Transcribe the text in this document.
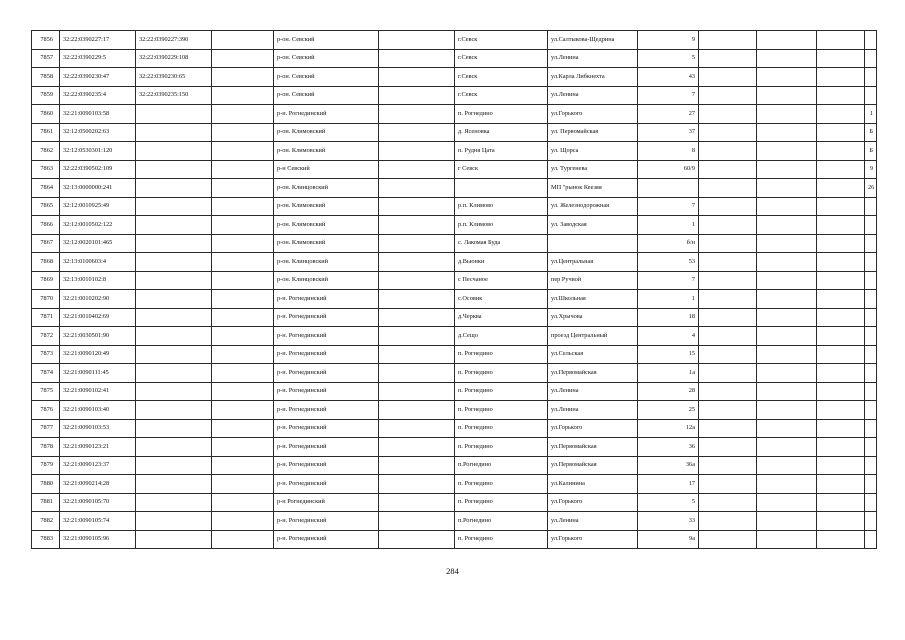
7856	32:22:0390227:17	32:22:0390227:390		р-он. Севский		г.Севск	ул.Салтыкова-Щедрина	9				
7857	32:22:0390229:5	32:22:0390229:108		р-он. Севский		г.Севск	ул.Ленина	5				
7858	32:22:0390230:47	32:22:0390230:65		р-он. Севский		г.Севск	ул.Карла Либкнехта	43				
7859	32:22:0390235:4	32:22:0390235:150		р-он. Севский		г.Севск	ул.Ленина	7				
7860	32:21:0090103:58			р-н. Рогнединский		п. Рогнедино	ул.Горького	27				1
7861	32:12:0500202:63			р-он. Климовский		д. Ясеновка	ул. Первомайская	37				Б
7862	32:12:0530301:120			р-он. Климовский		п. Рудня Цата	ул. Щорса	8				Б
7863	32:22:0390502:109			р-н Севский		г Севск	ул. Тургенева	60/9				9
7864	32:13:0000000:241			р-он. Клинцовский			МП "рынок Кеезяя					26
7865	32:12:0010925:49			р-он. Климовский		р.п. Климово	ул. Железнодорожная	7				
7866	32:12:0010502:122			р-он. Климовский		р.п. Климово	ул. Заводская	1				
7867	32:12:0020101:465			р-он. Климовский		с. Лакомая Буда		б/н				
7868	32:13:0100603:4			р-он. Клинцовский		д.Вьюнки	ул.Центральная	53				
7869	32:13:0010102:8			р-он. Клинцовский		с Песчаное	пер Ручвой	7				
7870	32:21:0010202:90			р-н. Рогнединский		с.Осовик	ул.Школьная	1				
7871	32:21:0010402:69			р-н. Рогнединский		д.Черква	ул.Хрычова	18				
7872	32:21:0030501:90			р-н. Рогнединский		д.Сещо	проезд Центральный	4				
7873	32:21:0090120:49			р-н. Рогнединский		п. Рогнедино	ул.Сельская	15				
7874	32:21:0090111:45			р-н. Рогнединский		п. Рогнедино	ул.Первомайская	1а				
7875	32:21:0090102:41			р-н. Рогнединский		п. Рогнедино	ул.Ленина	28				
7876	32:21:0090103:40			р-н. Рогнединский		п. Рогнедино	ул.Ленина	25				
7877	32:21:0090103:53			р-н. Рогнединский		п. Рогнедино	ул.Горького	12а				
7878	32:21:0090123:21			р-н. Рогнединский		п. Рогнедино	ул.Первомайская	36				
7879	32:21:0090123:37			р-н. Рогнединский		п.Рогнедино	ул.Первомайская	36а				
7880	32:21:0090214:28			р-н. Рогнединский		п. Рогнедино	ул.Калинина	17				
7881	32:21:0090105:70			р-н Рогнединский		п. Рогнедино	ул.Горького	5				
7882	32:21:0090105:74			р-н. Рогнединский		п.Рогнедино	ул.Ленина	33				
7883	32:21:0090105:96			р-н. Рогнединский		п. Рогнедино	ул.Горького	9а				
284
